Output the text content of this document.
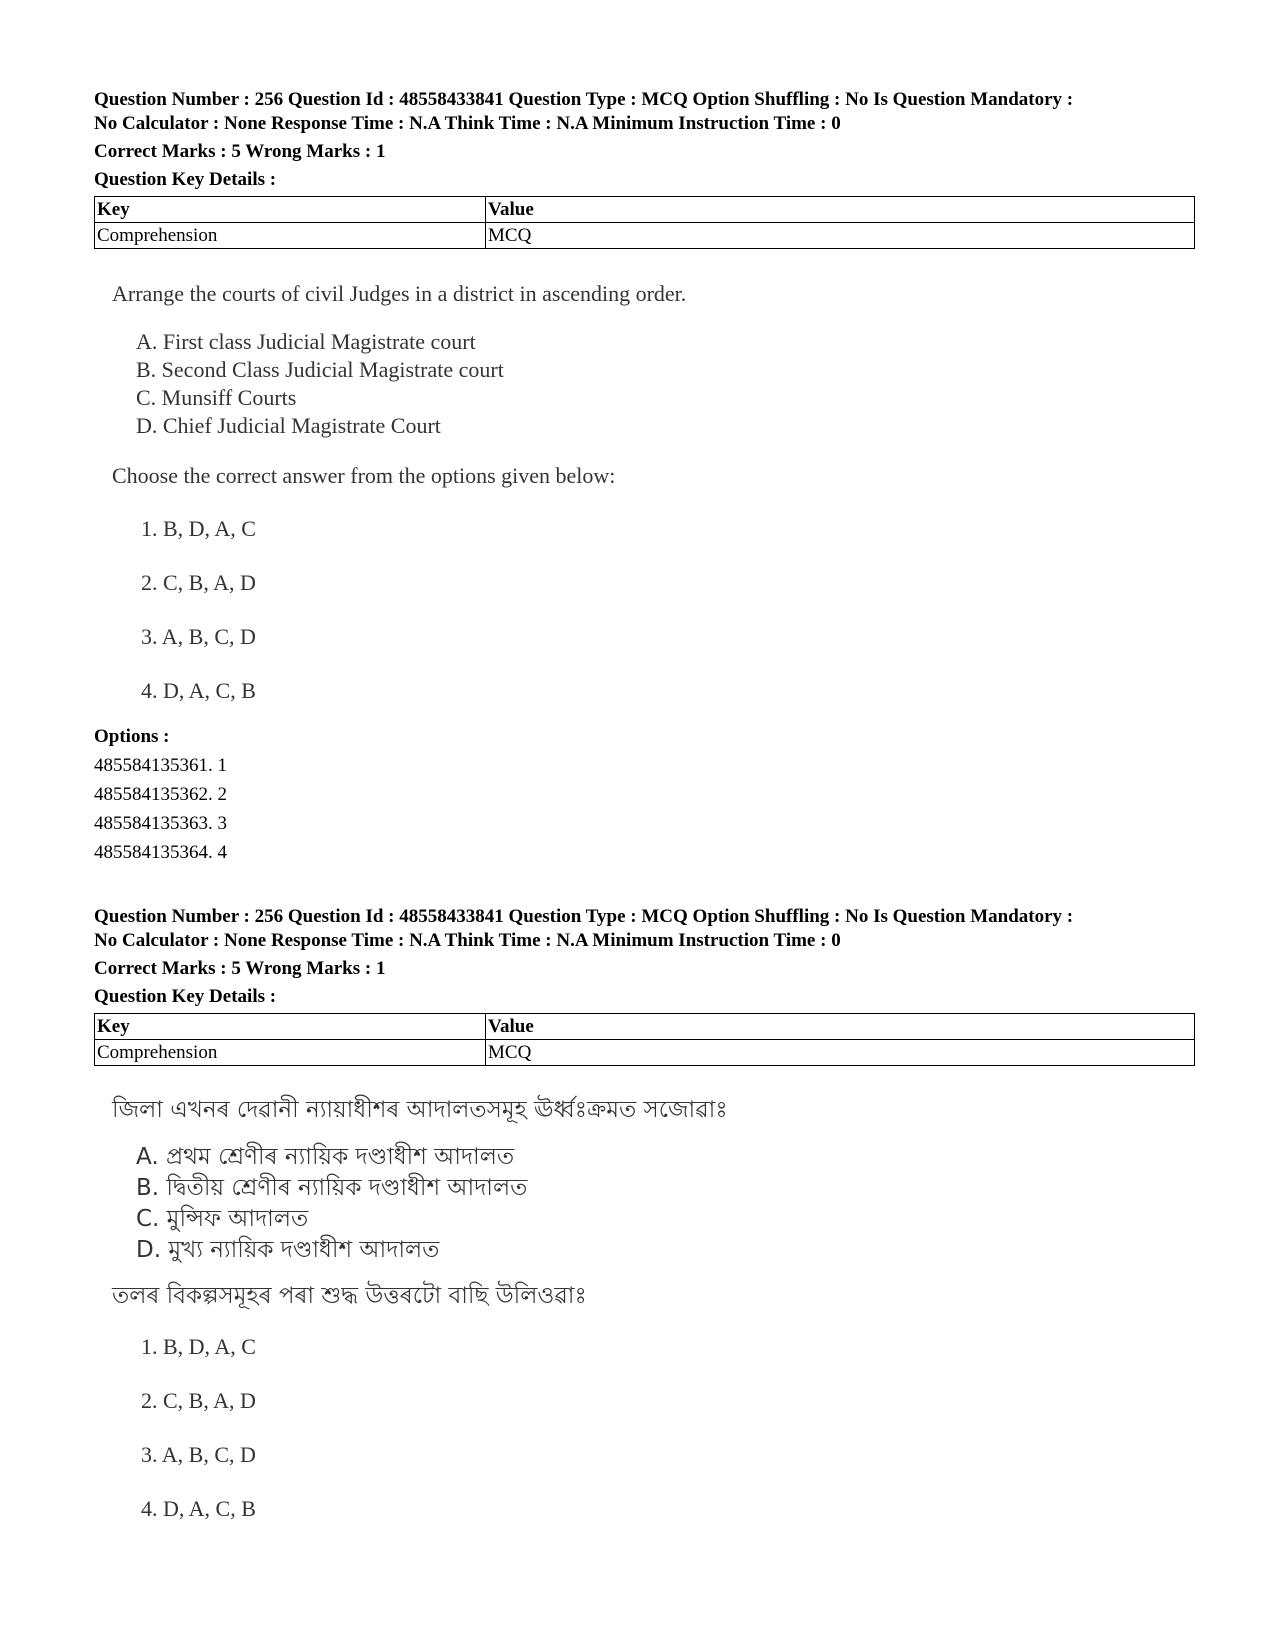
Question Number : 256 Question Id : 48558433841 Question Type : MCQ Option Shuffling : No Is Question Mandatory :
No Calculator : None Response Time : N.A Think Time : N.A Minimum Instruction Time : 0
Correct Marks : 5 Wrong Marks : 1
Question Key Details :
Key	Value
Comprehension	MCQ
Arrange the courts of civil Judges in a district in ascending order.
A. First class Judicial Magistrate court
B. Second Class Judicial Magistrate court
C. Munsiff Courts
D. Chief Judicial Magistrate Court
Choose the correct answer from the options given below:
1. B, D, A, C
2. C, B, A, D
3. A, B, C, D
4. D, A, C, B
Options :
485584135361. 1
485584135362. 2
485584135363. 3
485584135364. 4
Question Number : 256 Question Id : 48558433841 Question Type : MCQ Option Shuffling : No Is Question Mandatory :
No Calculator : None Response Time : N.A Think Time : N.A Minimum Instruction Time : 0
Correct Marks : 5 Wrong Marks : 1
Question Key Details :
Key	Value
Comprehension	MCQ
জিলা এখনৰ দেৱানী ন্যায়াধীশৰ আদালতসমূহ ঊৰ্ধ্বঃক্ৰমত সজোৱাঃ
A. প্ৰথম শ্ৰেণীৰ ন্যায়িক দণ্ডাধীশ আদালত
B. দ্বিতীয় শ্ৰেণীৰ ন্যায়িক দণ্ডাধীশ আদালত
C. মুন্সিফ আদালত
D. মুখ্য ন্যায়িক দণ্ডাধীশ আদালত
তলৰ বিকল্পসমূহৰ পৰা শুদ্ধ উত্তৰটো বাছি উলিওৱাঃ
1. B, D, A, C
2. C, B, A, D
3. A, B, C, D
4. D, A, C, B
